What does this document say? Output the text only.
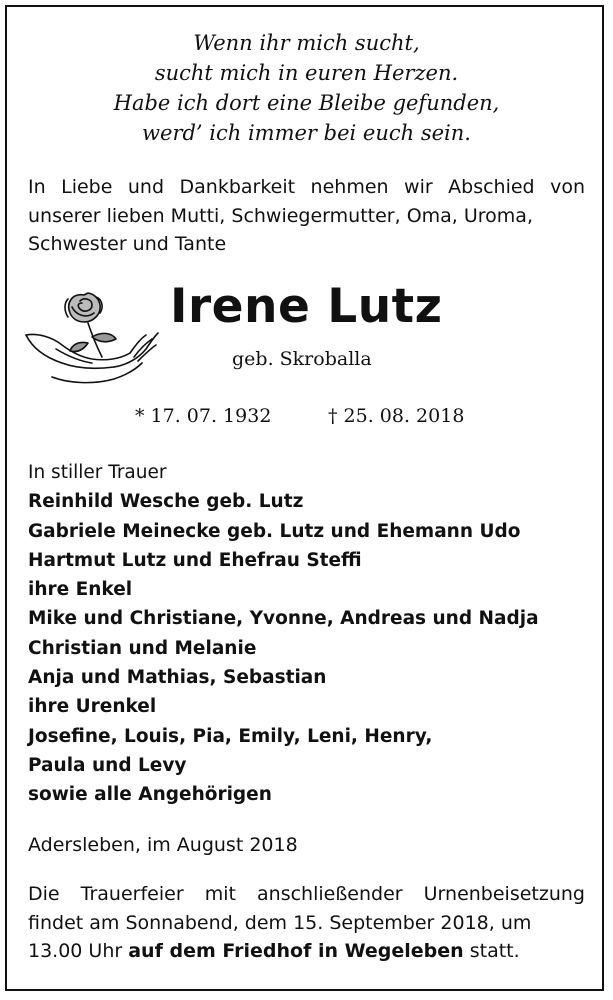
Wenn ihr mich sucht,
sucht mich in euren Herzen.
Habe ich dort eine Bleibe gefunden,
werd’ ich immer bei euch sein.
In Liebe und Dankbarkeit nehmen wir Abschied von unserer lieben Mutti, Schwiegermutter, Oma, Uroma,
Schwester und Tante
Irene Lutz
geb. Skroballa
* 17. 07. 1932	† 25. 08. 2018
In stiller Trauer
Reinhild Wesche geb. Lutz
Gabriele Meinecke geb. Lutz und Ehemann Udo
Hartmut Lutz und Ehefrau Steffi
ihre Enkel
Mike und Christiane, Yvonne, Andreas und Nadja
Christian und Melanie
Anja und Mathias, Sebastian
ihre Urenkel
Josefine, Louis, Pia, Emily, Leni, Henry,
Paula und Levy
sowie alle Angehörigen
Adersleben, im August 2018
Die Trauerfeier mit anschließender Urnenbeisetzung findet am Sonnabend, dem 15. September 2018, um
13.00 Uhr auf dem Friedhof in Wegeleben statt.
